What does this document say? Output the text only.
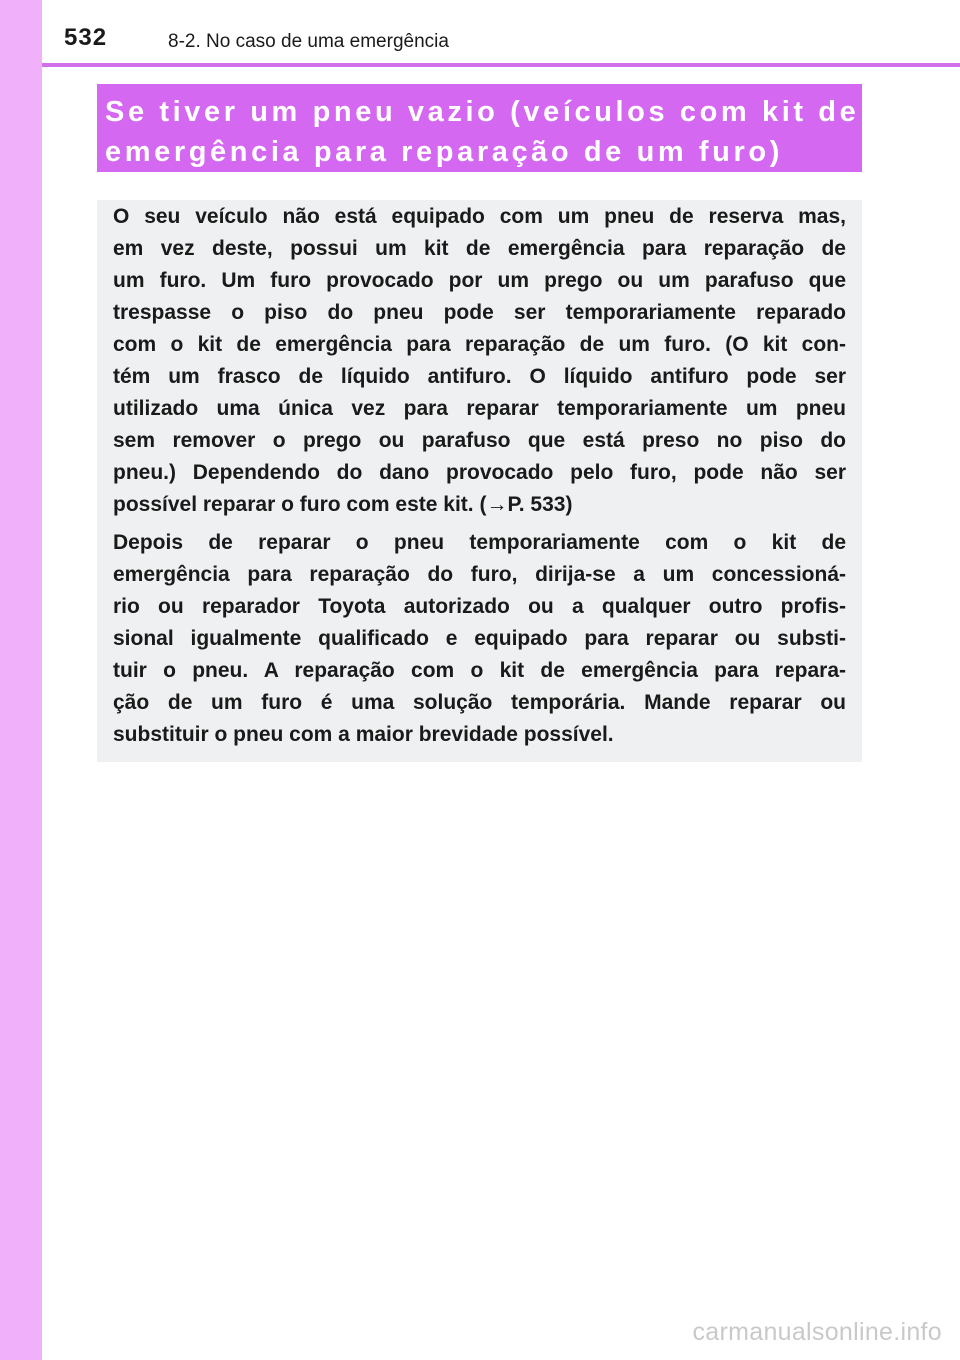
532	8-2. No caso de uma emergência
Se tiver um pneu vazio (veículos com kit de
emergência para reparação de um furo)
O seu veículo não está equipado com um pneu de reserva mas,
em vez deste, possui um kit de emergência para reparação de
um furo. Um furo provocado por um prego ou um parafuso que
trespasse o piso do pneu pode ser temporariamente reparado
com o kit de emergência para reparação de um furo. (O kit con-
tém um frasco de líquido antifuro. O líquido antifuro pode ser
utilizado uma única vez para reparar temporariamente um pneu
sem remover o prego ou parafuso que está preso no piso do
pneu.) Dependendo do dano provocado pelo furo, pode não ser
possível reparar o furo com este kit. (→P. 533)
Depois de reparar o pneu temporariamente com o kit de
emergência para reparação do furo, dirija-se a um concessioná-
rio ou reparador Toyota autorizado ou a qualquer outro profis-
sional igualmente qualificado e equipado para reparar ou substi-
tuir o pneu. A reparação com o kit de emergência para repara-
ção de um furo é uma solução temporária. Mande reparar ou
substituir o pneu com a maior brevidade possível.
carmanualsonline.info
